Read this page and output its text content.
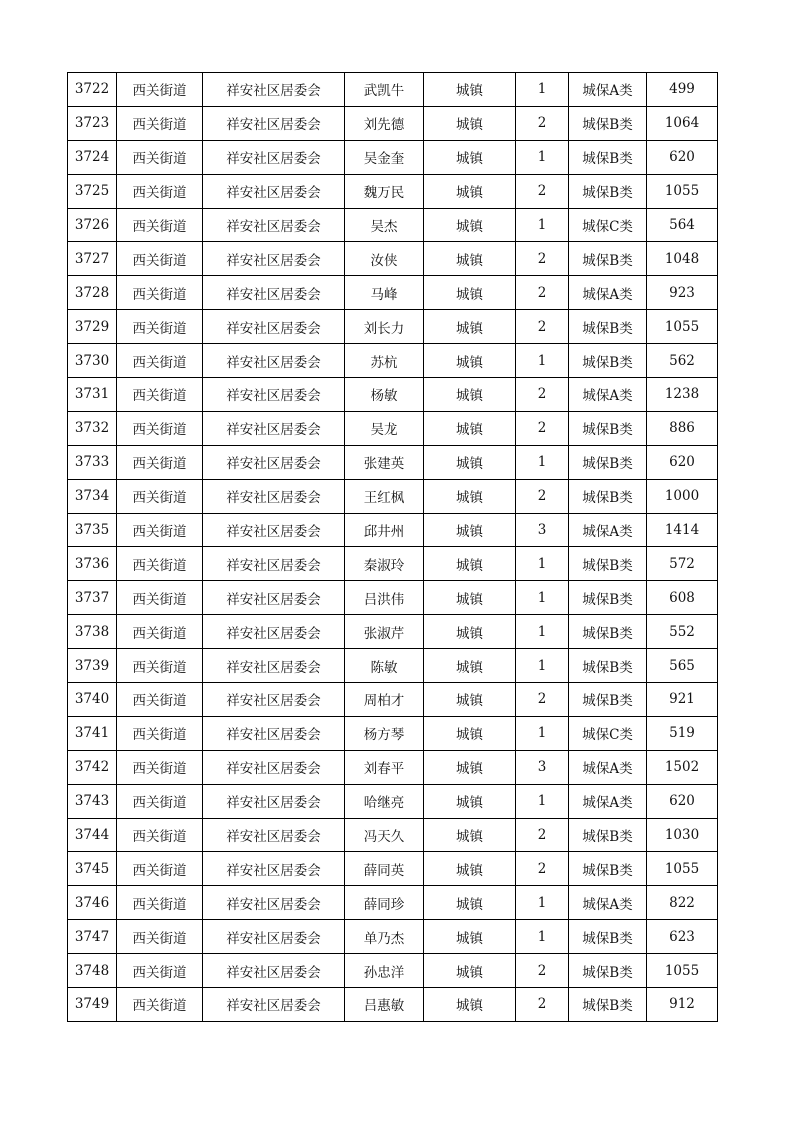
3722	西关街道	祥安社区居委会	武凯牛	城镇	1	城保A类	499
3723	西关街道	祥安社区居委会	刘先德	城镇	2	城保B类	1064
3724	西关街道	祥安社区居委会	吴金奎	城镇	1	城保B类	620
3725	西关街道	祥安社区居委会	魏万民	城镇	2	城保B类	1055
3726	西关街道	祥安社区居委会	吴杰	城镇	1	城保C类	564
3727	西关街道	祥安社区居委会	汝侠	城镇	2	城保B类	1048
3728	西关街道	祥安社区居委会	马峰	城镇	2	城保A类	923
3729	西关街道	祥安社区居委会	刘长力	城镇	2	城保B类	1055
3730	西关街道	祥安社区居委会	苏杭	城镇	1	城保B类	562
3731	西关街道	祥安社区居委会	杨敏	城镇	2	城保A类	1238
3732	西关街道	祥安社区居委会	吴龙	城镇	2	城保B类	886
3733	西关街道	祥安社区居委会	张建英	城镇	1	城保B类	620
3734	西关街道	祥安社区居委会	王红枫	城镇	2	城保B类	1000
3735	西关街道	祥安社区居委会	邱井州	城镇	3	城保A类	1414
3736	西关街道	祥安社区居委会	秦淑玲	城镇	1	城保B类	572
3737	西关街道	祥安社区居委会	吕洪伟	城镇	1	城保B类	608
3738	西关街道	祥安社区居委会	张淑芹	城镇	1	城保B类	552
3739	西关街道	祥安社区居委会	陈敏	城镇	1	城保B类	565
3740	西关街道	祥安社区居委会	周柏才	城镇	2	城保B类	921
3741	西关街道	祥安社区居委会	杨方琴	城镇	1	城保C类	519
3742	西关街道	祥安社区居委会	刘春平	城镇	3	城保A类	1502
3743	西关街道	祥安社区居委会	哈继亮	城镇	1	城保A类	620
3744	西关街道	祥安社区居委会	冯天久	城镇	2	城保B类	1030
3745	西关街道	祥安社区居委会	薛同英	城镇	2	城保B类	1055
3746	西关街道	祥安社区居委会	薛同珍	城镇	1	城保A类	822
3747	西关街道	祥安社区居委会	单乃杰	城镇	1	城保B类	623
3748	西关街道	祥安社区居委会	孙忠洋	城镇	2	城保B类	1055
3749	西关街道	祥安社区居委会	吕惠敏	城镇	2	城保B类	912
